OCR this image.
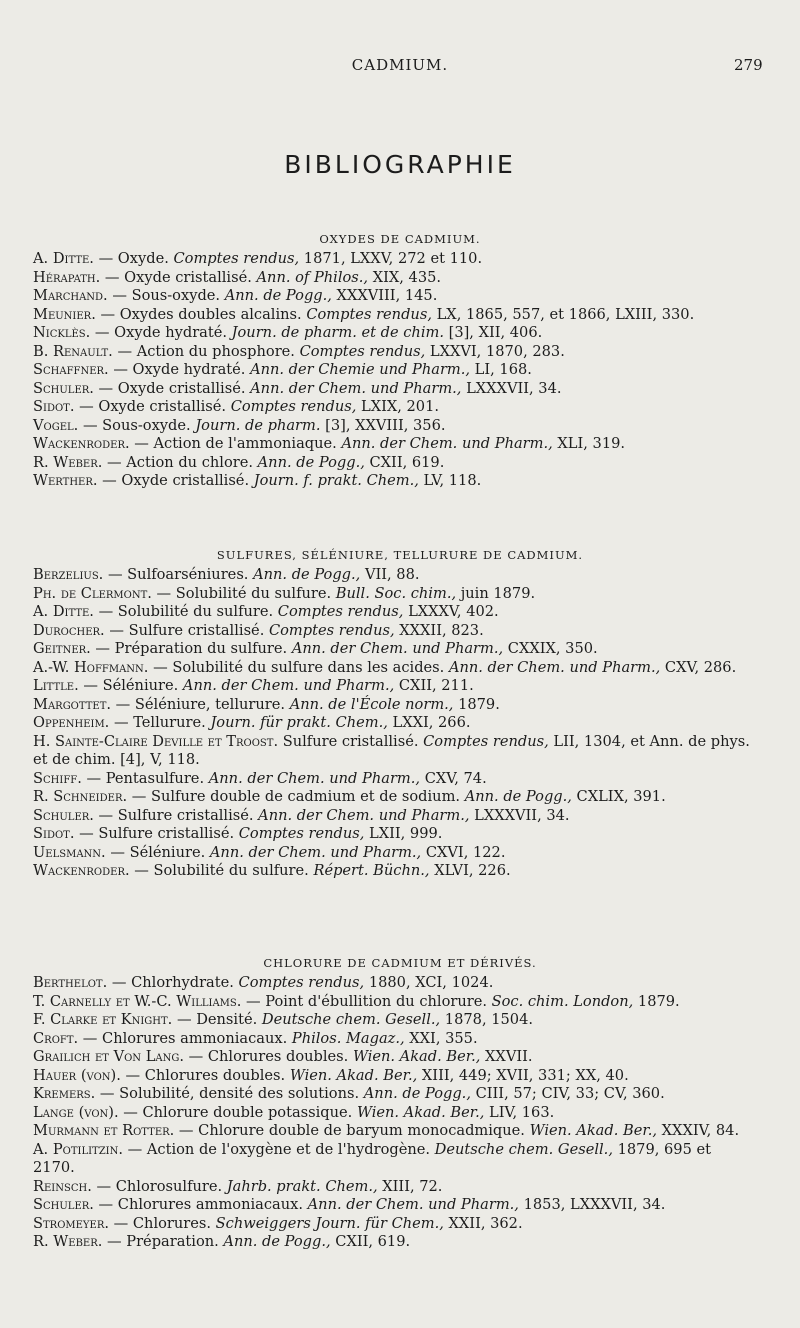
CADMIUM.	279
BIBLIOGRAPHIE
OXYDES DE CADMIUM.
A. Ditte. — Oxyde. Comptes rendus, 1871, LXXV, 272 et 110.
Hérapath. — Oxyde cristallisé. Ann. of Philos., XIX, 435.
Marchand. — Sous-oxyde. Ann. de Pogg., XXXVIII, 145.
Meunier. — Oxydes doubles alcalins. Comptes rendus, LX, 1865, 557, et 1866, LXIII, 330.
Nicklès. — Oxyde hydraté. Journ. de pharm. et de chim. [3], XII, 406.
B. Renault. — Action du phosphore. Comptes rendus, LXXVI, 1870, 283.
Schaffner. — Oxyde hydraté. Ann. der Chemie und Pharm., LI, 168.
Schuler. — Oxyde cristallisé. Ann. der Chem. und Pharm., LXXXVII, 34.
Sidot. — Oxyde cristallisé. Comptes rendus, LXIX, 201.
Vogel. — Sous-oxyde. Journ. de pharm. [3], XXVIII, 356.
Wackenroder. — Action de l'ammoniaque. Ann. der Chem. und Pharm., XLI, 319.
R. Weber. — Action du chlore. Ann. de Pogg., CXII, 619.
Werther. — Oxyde cristallisé. Journ. f. prakt. Chem., LV, 118.
SULFURES, SÉLÉNIURE, TELLURURE DE CADMIUM.
Berzelius. — Sulfoarséniures. Ann. de Pogg., VII, 88.
Ph. de Clermont. — Solubilité du sulfure. Bull. Soc. chim., juin 1879.
A. Ditte. — Solubilité du sulfure. Comptes rendus, LXXXV, 402.
Durocher. — Sulfure cristallisé. Comptes rendus, XXXII, 823.
Geitner. — Préparation du sulfure. Ann. der Chem. und Pharm., CXXIX, 350.
A.-W. Hoffmann. — Solubilité du sulfure dans les acides. Ann. der Chem. und Pharm., CXV, 286.
Little. — Séléniure. Ann. der Chem. und Pharm., CXII, 211.
Margottet. — Séléniure, tellurure. Ann. de l'École norm., 1879.
Oppenheim. — Tellurure. Journ. für prakt. Chem., LXXI, 266.
H. Sainte-Claire Deville et Troost. Sulfure cristallisé. Comptes rendus, LII, 1304, et Ann. de phys. et de chim. [4], V, 118.
Schiff. — Pentasulfure. Ann. der Chem. und Pharm., CXV, 74.
R. Schneider. — Sulfure double de cadmium et de sodium. Ann. de Pogg., CXLIX, 391.
Schuler. — Sulfure cristallisé. Ann. der Chem. und Pharm., LXXXVII, 34.
Sidot. — Sulfure cristallisé. Comptes rendus, LXII, 999.
Uelsmann. — Séléniure. Ann. der Chem. und Pharm., CXVI, 122.
Wackenroder. — Solubilité du sulfure. Répert. Büchn., XLVI, 226.
CHLORURE DE CADMIUM ET DÉRIVÉS.
Berthelot. — Chlorhydrate. Comptes rendus, 1880, XCI, 1024.
T. Carnelly et W.-C. Williams. — Point d'ébullition du chlorure. Soc. chim. London, 1879.
F. Clarke et Knight. — Densité. Deutsche chem. Gesell., 1878, 1504.
Croft. — Chlorures ammoniacaux. Philos. Magaz., XXI, 355.
Grailich et Von Lang. — Chlorures doubles. Wien. Akad. Ber., XXVII.
Hauer (von). — Chlorures doubles. Wien. Akad. Ber., XIII, 449; XVII, 331; XX, 40.
Kremers. — Solubilité, densité des solutions. Ann. de Pogg., CIII, 57; CIV, 33; CV, 360.
Lange (von). — Chlorure double potassique. Wien. Akad. Ber., LIV, 163.
Murmann et Rotter. — Chlorure double de baryum monocadmique. Wien. Akad. Ber., XXXIV, 84.
A. Potilitzin. — Action de l'oxygène et de l'hydrogène. Deutsche chem. Gesell., 1879, 695 et 2170.
Reinsch. — Chlorosulfure. Jahrb. prakt. Chem., XIII, 72.
Schuler. — Chlorures ammoniacaux. Ann. der Chem. und Pharm., 1853, LXXXVII, 34.
Stromeyer. — Chlorures. Schweiggers Journ. für Chem., XXII, 362.
R. Weber. — Préparation. Ann. de Pogg., CXII, 619.
